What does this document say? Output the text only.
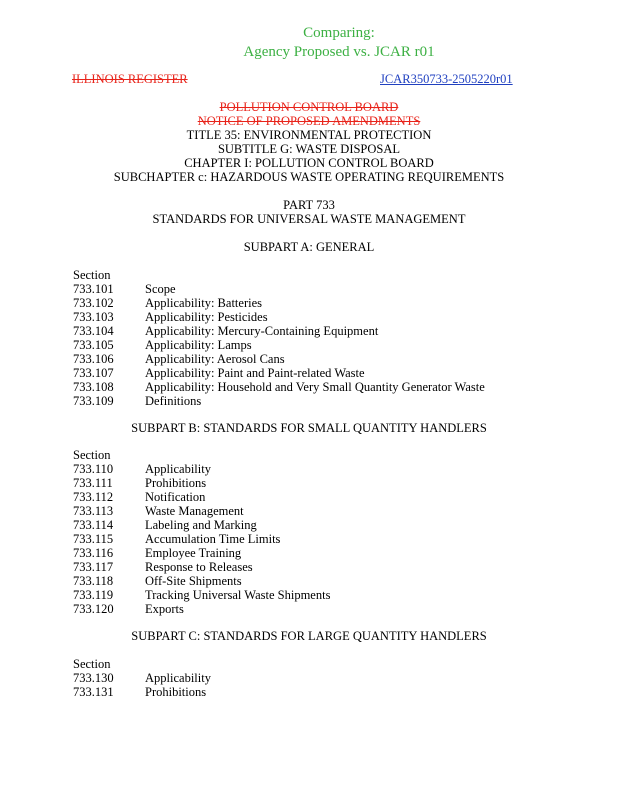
Comparing:
Agency Proposed vs. JCAR r01
ILLINOIS REGISTER	JCAR350733-2505220r01
POLLUTION CONTROL BOARD
NOTICE OF PROPOSED AMENDMENTS
TITLE 35: ENVIRONMENTAL PROTECTION
SUBTITLE G: WASTE DISPOSAL
CHAPTER I: POLLUTION CONTROL BOARD
SUBCHAPTER c: HAZARDOUS WASTE OPERATING REQUIREMENTS
PART 733
STANDARDS FOR UNIVERSAL WASTE MANAGEMENT
SUBPART A: GENERAL
Section
733.101	Scope
733.102	Applicability: Batteries
733.103	Applicability: Pesticides
733.104	Applicability: Mercury-Containing Equipment
733.105	Applicability: Lamps
733.106	Applicability: Aerosol Cans
733.107	Applicability: Paint and Paint-related Waste
733.108	Applicability: Household and Very Small Quantity Generator Waste
733.109	Definitions
SUBPART B: STANDARDS FOR SMALL QUANTITY HANDLERS
Section
733.110	Applicability
733.111	Prohibitions
733.112	Notification
733.113	Waste Management
733.114	Labeling and Marking
733.115	Accumulation Time Limits
733.116	Employee Training
733.117	Response to Releases
733.118	Off-Site Shipments
733.119	Tracking Universal Waste Shipments
733.120	Exports
SUBPART C: STANDARDS FOR LARGE QUANTITY HANDLERS
Section
733.130	Applicability
733.131	Prohibitions
